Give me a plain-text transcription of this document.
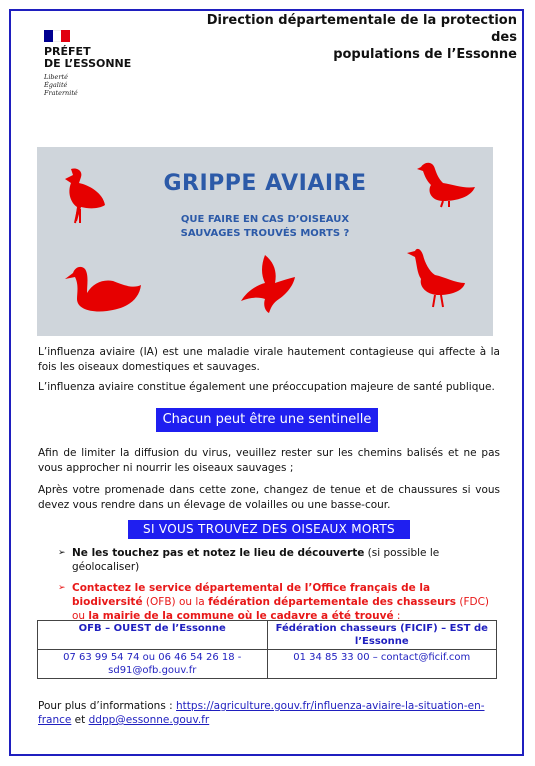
Direction départementale de la protection des
populations de l’Essonne
PRÉFET
DE L’ESSONNE
Liberté
Égalité
Fraternité
GRIPPE AVIAIRE
QUE FAIRE EN CAS D’OISEAUX
SAUVAGES TROUVÉS MORTS ?
L’influenza aviaire (IA) est une maladie virale hautement contagieuse qui affecte à la fois les oiseaux domestiques et sauvages.
L’influenza aviaire constitue également une préoccupation majeure de santé publique.
Chacun peut être une sentinelle
Afin de limiter la diffusion du virus, veuillez rester sur les chemins balisés et ne pas vous approcher ni nourrir les oiseaux sauvages ;
Après votre promenade dans cette zone, changez de tenue et de chaussures si vous devez vous rendre dans un élevage de volailles ou une basse-cour.
SI VOUS TROUVEZ DES OISEAUX MORTS
➢ Ne les touchez pas et notez le lieu de découverte (si possible le géolocaliser)
➢ Contactez le service départemental de l’Office français de la biodiversité (OFB) ou la fédération départementale des chasseurs (FDC) ou la mairie de la commune où le cadavre a été trouvé :
OFB – OUEST de l’Essonne	Fédération chasseurs (FICIF) – EST de l’Essonne
07 63 99 54 74 ou 06 46 54 26 18 - sd91@ofb.gouv.fr	01 34 85 33 00 – contact@ficif.com
Pour plus d’informations : https://agriculture.gouv.fr/influenza-aviaire-la-situation-en-france et ddpp@essonne.gouv.fr
